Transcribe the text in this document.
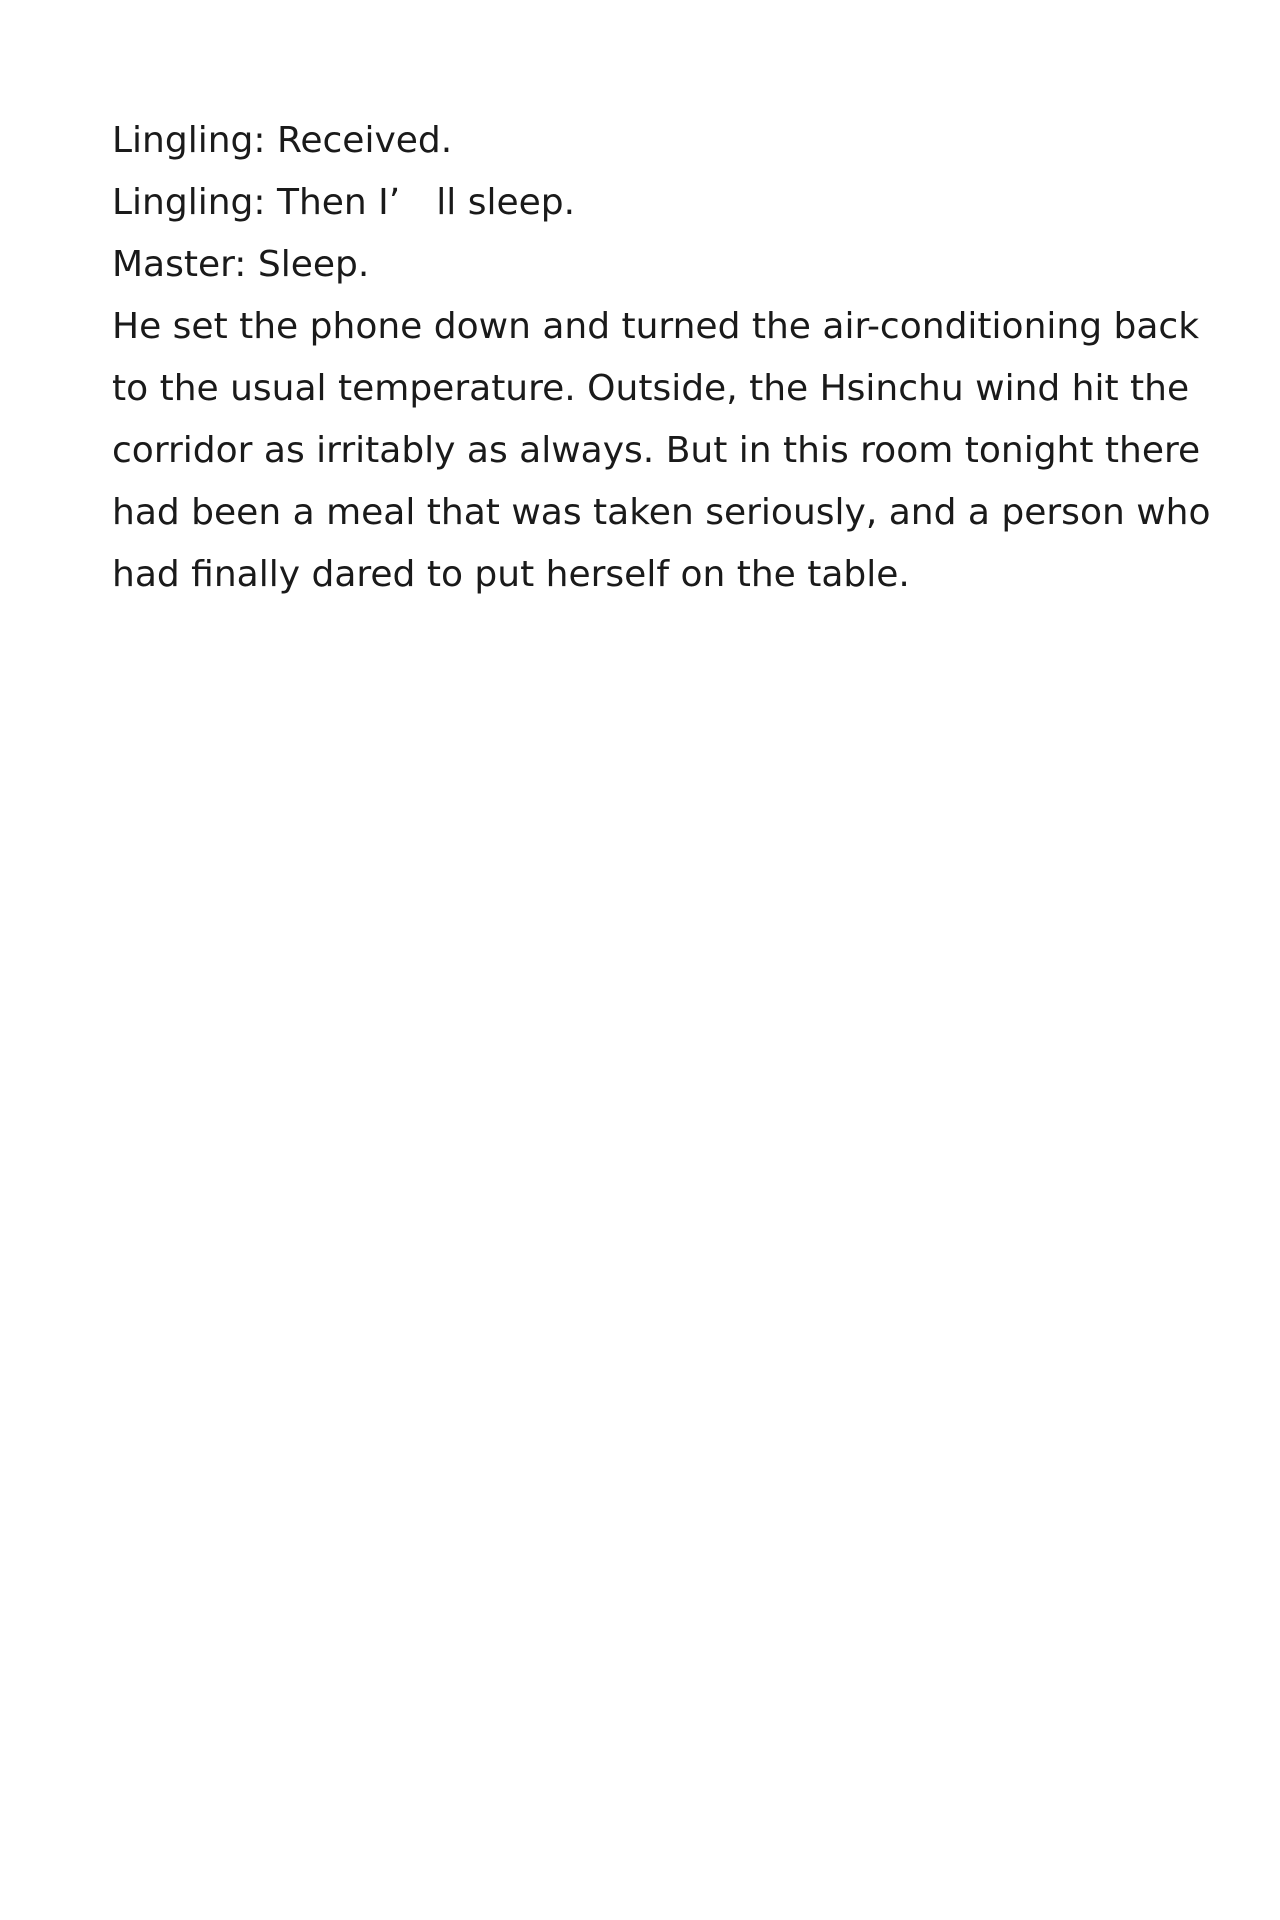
Lingling: Received.

Lingling: Then I’　ll sleep.

Master: Sleep.

He set the phone down and turned the air-conditioning back

to the usual temperature. Outside, the Hsinchu wind hit the

corridor as irritably as always. But in this room tonight there

had been a meal that was taken seriously, and a person who

had finally dared to put herself on the table.
